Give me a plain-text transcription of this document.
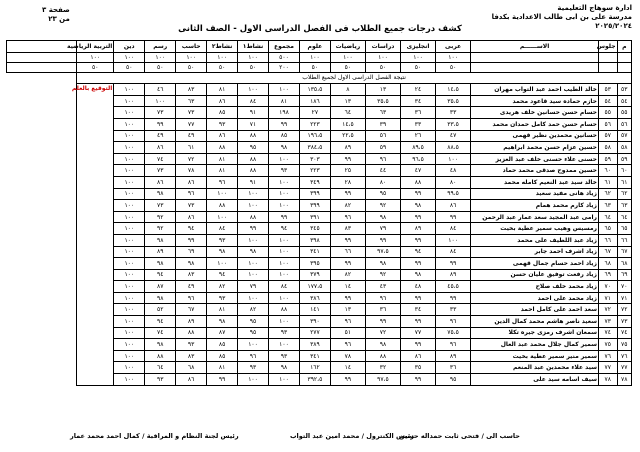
ادارة سوهاج التعليمية
مدرسة على بن ابى طالب الاعدادية بكدفا
٢٠٢٥/٢٠٢٤
صفحة ٣
من ٢٣
كشف درجات جميع الطلاب فى الفصل الدراسى الاول - الصف الثانى
م	جلوس	الاســــــم	عربى	انجليزى	دراسات	رياضيات	علوم	مجموع	نشاط١	نشاط٢	حاسب	رسم	دين	التربية الرياضية	
			١٠٠	١٠٠	١٠٠	١٠٠	١٠٠	٥٠٠	١٠٠	١٠٠	١٠٠	١٠٠	١٠٠	١٠٠	
			٥٠	٥٠	٥٠	٥٠	٥٠	٢٠٠	٥٠	٥٠	٥٠	٥٠	٥٠	٥٠	
نتيجة الفصل الدراسى الاول لجميع الطلاب															
٥٣	٥٣	خالد الطيب احمد عبد التواب مهران	١٤،٥	٢٤	١٣	٨	١٣٥،٥	١٠٠	١٠٠	٨١	٨٣	٤٦	١٠٠	التوقيع بالعلم	
٥٤	٥٤	حازم حماده سيد قاعود محمد	٣٥،٥	٣٤	٣٥،٥	١٣	١٨٦	٨١	٨٤	٨٦	٦٣	١٠٠	١٠٠		
٥٥	٥٥	حسام حسن حسانين خلف هريدى	٣٣	٣٦	٦٣	٦٤	٢٧	١٩٨	٩١	٨٥	٧٣	٧٣	١٠٠		
٥٦	٥٦	حسام حسن حمد كامل حمدان محمد	٣٣،٥	٣٣	٣٩	١٤،٥	٢٢٣	٩٩	٧١	٩٣	٧٧	٩٩	١٠٠		
٥٧	٥٧	حسانين محمدين نظير قهمى	٤٧	٢٦	٥٦	٢٢،٥	١٩٦،٥	٨٥	٨٨	٨٦	٤٩	٤٩	١٠٠		
٥٨	٥٨	حسين عزام حسن محمد ابراهيم	٨٨،٥	٨٩،٥	٥٩	٨٩	٣٨٤،٥	٩٨	٩٥	٨٨	٦١	٨٦	١٠٠		
٥٩	٥٩	حسنى علاء حسنى خلف عبد العزيز	١٠٠	٩٦،٥	٩٦	٩٩	٣٠٣	١٠٠	٨٨	٨١	٧٢	٧٤	١٠٠		
٦٠	٦٠	حسين ممدوح صدقى محمد حماد	٤٨	٤٧	٤٤	٢٥	٢٢٣	٩٣	٨٨	٨١	٧٨	٧٣	١٠٠		
٦١	٦١	خالد سيد عبد النعيم كامله محمد	٨٠	٨٨	٨٠	٢٨	٣٤٩	١٠٠	٩١	٩٦	٨٦	٨٦	١٠٠		
٦٢	٦٢	زياد هانى مفيد سعيد	٩٩،٥	٩٩	٩٥	٩٩	٣٩٩	١٠٠	١٠٠	١٠٠	٩٦	٩٨	١٠٠		
٦٣	٦٣	زياد كارم محمد همام	٨٦	٩٨	٩٢	٨٢	٣٩٩	١٠٠	١٠٠	٨٨	٧٣	٧٣	١٠٠		
٦٤	٦٤	رامى عبد المجيد سعد عمار عبد الرحمن	٩٩	٩٩	٩٨	٩٦	٣٩١	٩٩	٨٨	١٠٠	٨٦	٩٢	١٠٠		
٦٥	٦٥	رمسيس وهيب سمير عطية بخيت	٨٤	٨٩	٧٩	٨٣	٣٤٥	٩٤	٩٩	٨٤	٩٤	٩٢	١٠٠		
٦٦	٦٦	زياد عبد اللطيف على محمد	١٠٠	٩٩	٩٩	٩٩	٣٩٨	١٠٠	١٠٠	٩٣	٩٩	٩٨	١٠٠		
٦٧	٦٧	زياد اشرف احمد جابر	٨٤	٩٤	٩٧،٥	٦٦	٣٤١	١٠٠	٩٨	٩٨	٦٩	٨٩	١٠٠		
٦٨	٦٨	زياد احمد حسام جمال قهمى	٩٩	٩٩	٩٨	٩٩	٣٩٥	١٠٠	١٠٠	١٠٠	٩٨	٩٨	١٠٠		
٦٩	٦٩	زياد رفعت توفيق عليان حسن	٨٩	٩٨	٩٢	٨٢	٣٧٩	١٠٠	١٠٠	٩٤	٨٣	٩٤	١٠٠		
٧٠	٧٠	زياد محمد خلف صلاح	٤٥،٥	٤٨	٤٣	١٤	١٧٧،٥	٨٤	٧٩	٨٢	٤٩	٨٧	١٠٠		
٧١	٧١	زياد محمد على احمد	٩٩	٩٩	٩٦	٩٩	٣٨٦	١٠٠	١٠٠	٩٣	٩٦	٩٨	١٠٠		
٧٢	٧٢	سعد احمد على كامل احمد	٣٣	٣٤	٣٦	١٣	١٤١	٨٨	٨٢	٨١	٦٧	٥٢	١٠٠		
٧٣	٧٣	سعيد ناصر هاشم محمد كمال الدين	٩٦	٩٩	٩٩	٩٦	٣٩٠	١٠٠	٩٥	٩٨	٨٩	٩٤	١٠٠		
٧٤	٧٤	سمعان اشرف رمزى جيره تكلا	٧٥،٥	٧٧	٧٢	٥١	٢٧٧	٩٣	٩٥	٨٧	٨٨	٧٤	١٠٠		
٧٥	٧٥	سمير كمال جلال محمد عبد العال	٩٦	٩٩	٩٨	٩٦	٣٨٩	١٠٠	١٠٠	٨٥	٩٣	٩٨	١٠٠		
٧٦	٧٦	سمير منير سمير عطية بخيت	٨٩	٨٦	٨٨	٧٨	٣٤١	٩٣	٩٦	٨٥	٨٣	٨٨	١٠٠		
٧٧	٧٧	سيد علاء محمدين عبد المنعم	٣٦	٣٥	٣٢	١٤	١٦٢	٩٨	٩٣	٨١	٦٨	٦٤	١٠٠		
٧٨	٧٨	سيف اسامه سيد على	٩٥	٩٩	٩٧،٥	٩٩	٣٩٢،٥	١٠٠	١٠٠	٩٩	٨٦	٩٣	١٠٠		
حاسب الى / فتحى ثابت حمداله حسين
رئيس الكنترول / محمد امين عبد التواب
رئيس لجنة النظام و المراقبة / كمال احمد محمد عمار
